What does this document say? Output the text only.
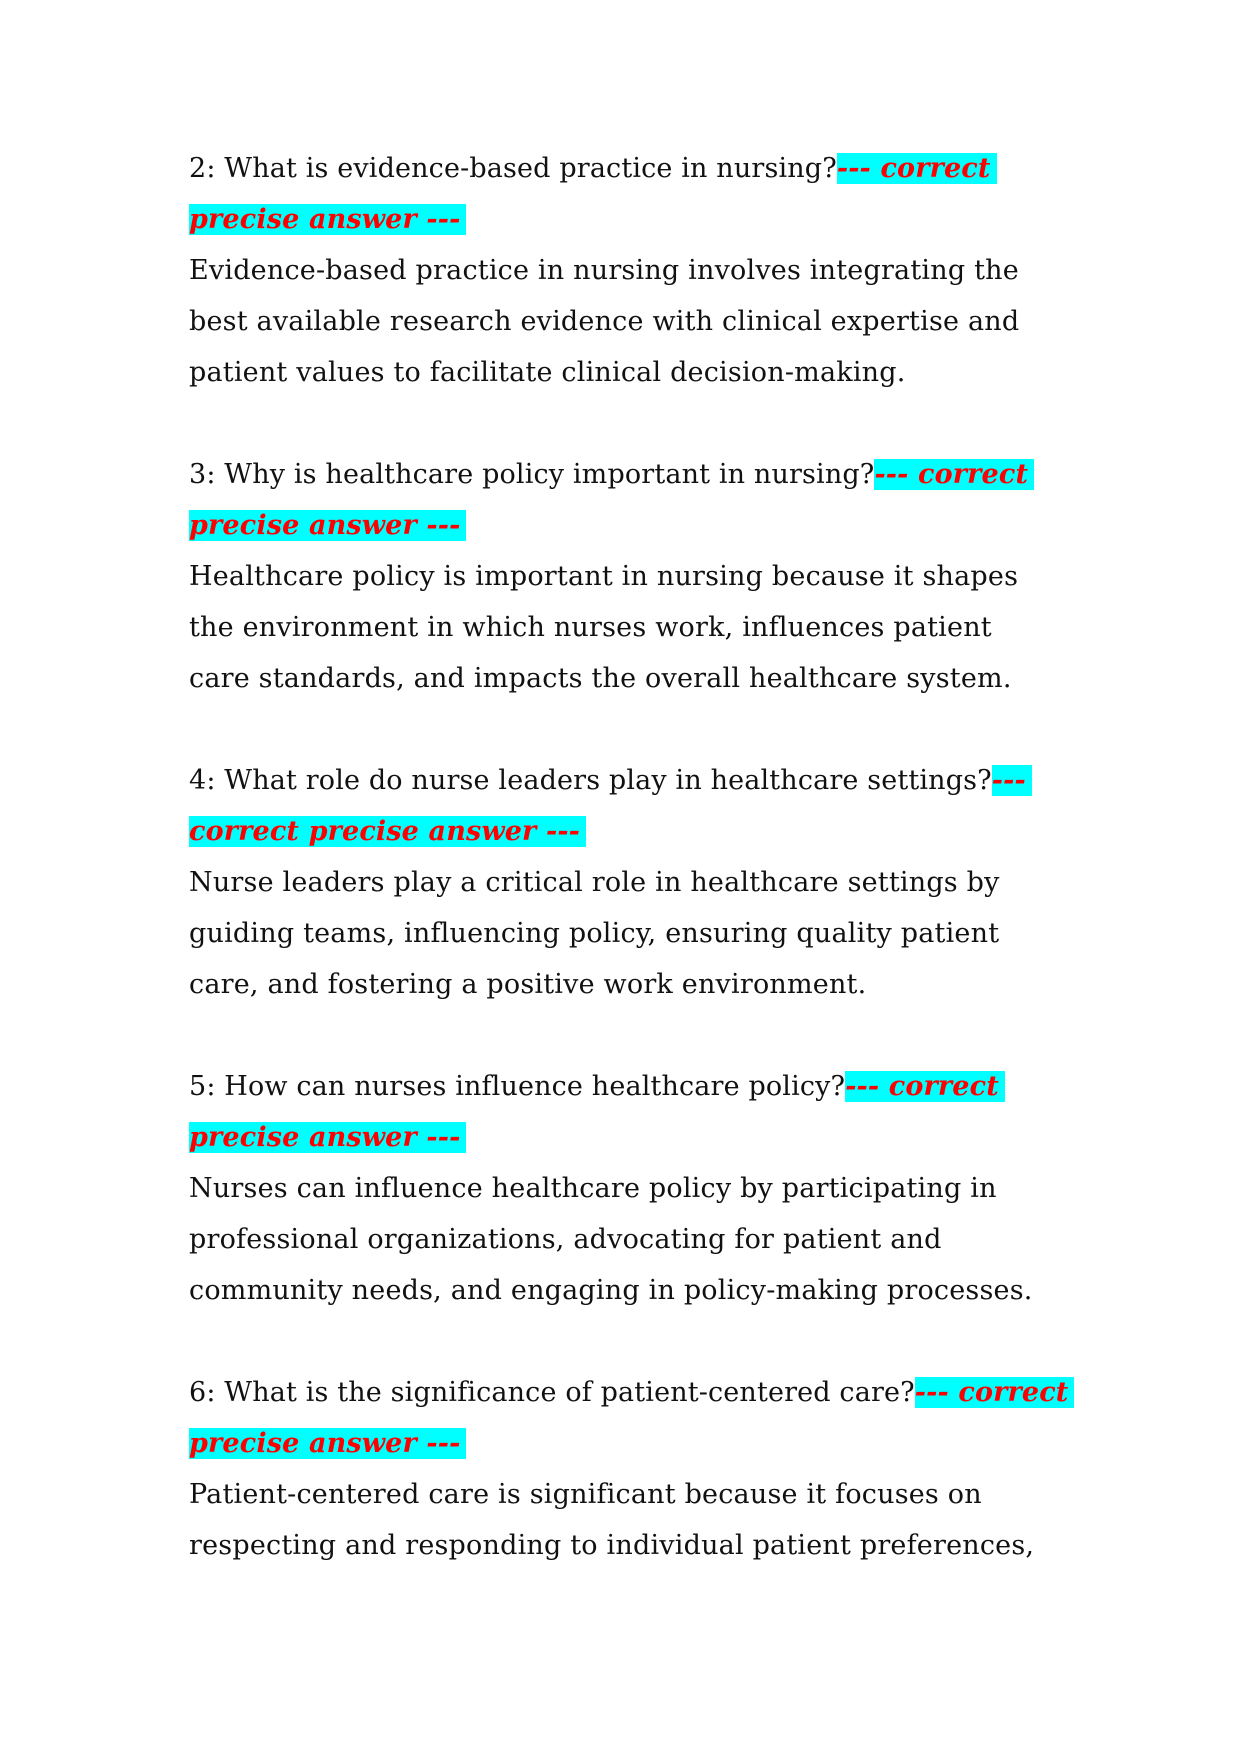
2: What is evidence-based practice in nursing?--- correct
precise answer ---
Evidence-based practice in nursing involves integrating the
best available research evidence with clinical expertise and
patient values to facilitate clinical decision-making.
3: Why is healthcare policy important in nursing?--- correct
precise answer ---
Healthcare policy is important in nursing because it shapes
the environment in which nurses work, influences patient
care standards, and impacts the overall healthcare system.
4: What role do nurse leaders play in healthcare settings?---
correct precise answer ---
Nurse leaders play a critical role in healthcare settings by
guiding teams, influencing policy, ensuring quality patient
care, and fostering a positive work environment.
5: How can nurses influence healthcare policy?--- correct
precise answer ---
Nurses can influence healthcare policy by participating in
professional organizations, advocating for patient and
community needs, and engaging in policy-making processes.
6: What is the significance of patient-centered care?--- correct
precise answer ---
Patient-centered care is significant because it focuses on
respecting and responding to individual patient preferences,
